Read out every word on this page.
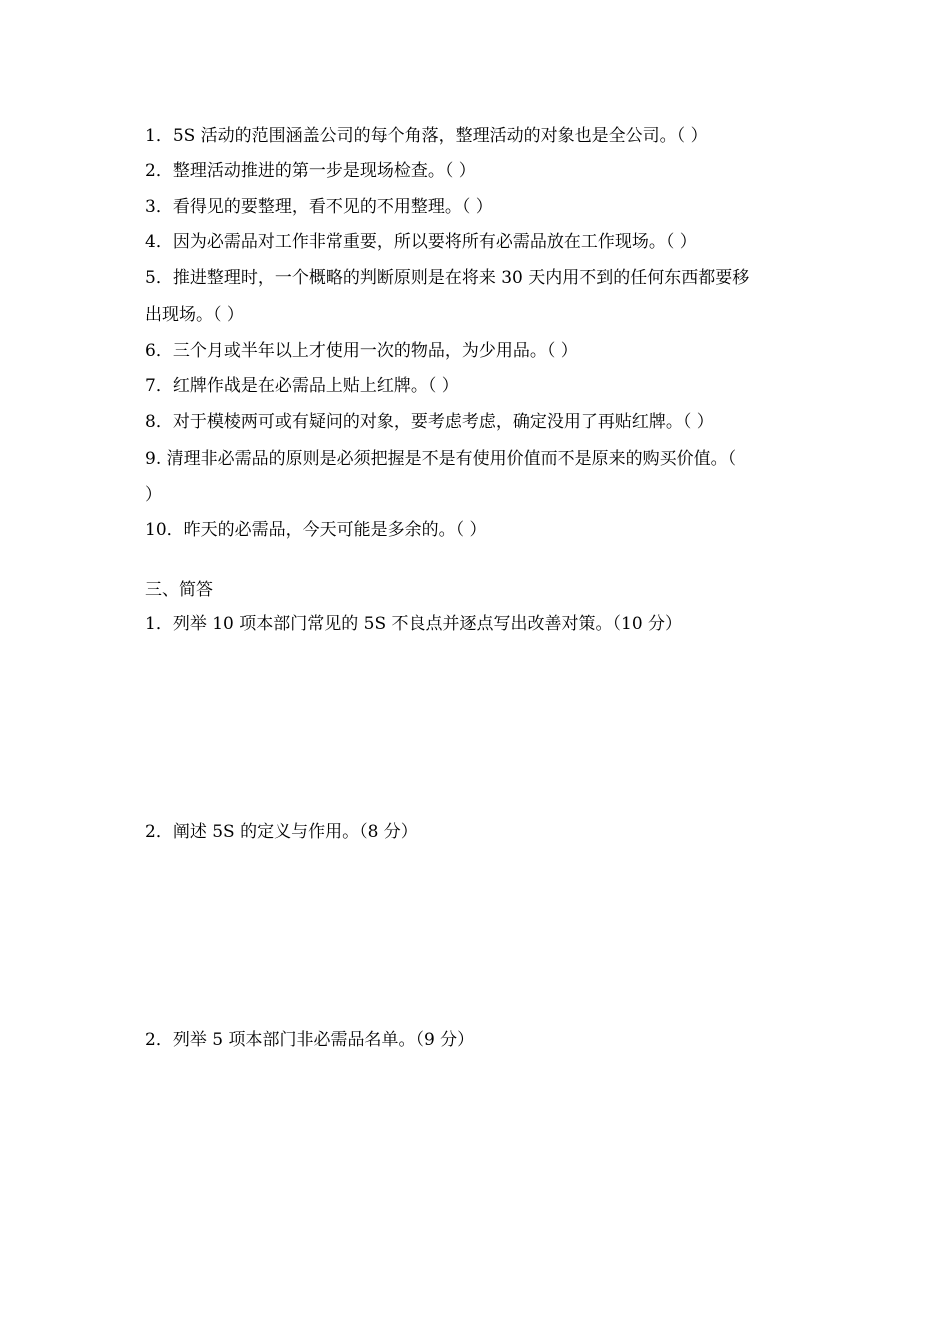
1．5S 活动的范围涵盖公司的每个角落，整理活动的对象也是全公司。（ ）
2．整理活动推进的第一步是现场检查。（ ）
3．看得见的要整理，看不见的不用整理。（ ）
4．因为必需品对工作非常重要，所以要将所有必需品放在工作现场。（ ）
5．推进整理时，一个概略的判断原则是在将来 30 天内用不到的任何东西都要移
出现场。（ ）
6．三个月或半年以上才使用一次的物品，为少用品。（ ）
7．红牌作战是在必需品上贴上红牌。（ ）
8．对于模棱两可或有疑问的对象，要考虑考虑，确定没用了再贴红牌。（ ）
9. 清理非必需品的原则是必须把握是不是有使用价值而不是原来的购买价值。（
）
10．昨天的必需品，今天可能是多余的。（ ）
三、简答
1．列举 10 项本部门常见的 5S 不良点并逐点写出改善对策。（10 分）
2．阐述 5S 的定义与作用。（8 分）
2．列举 5 项本部门非必需品名单。（9 分）
